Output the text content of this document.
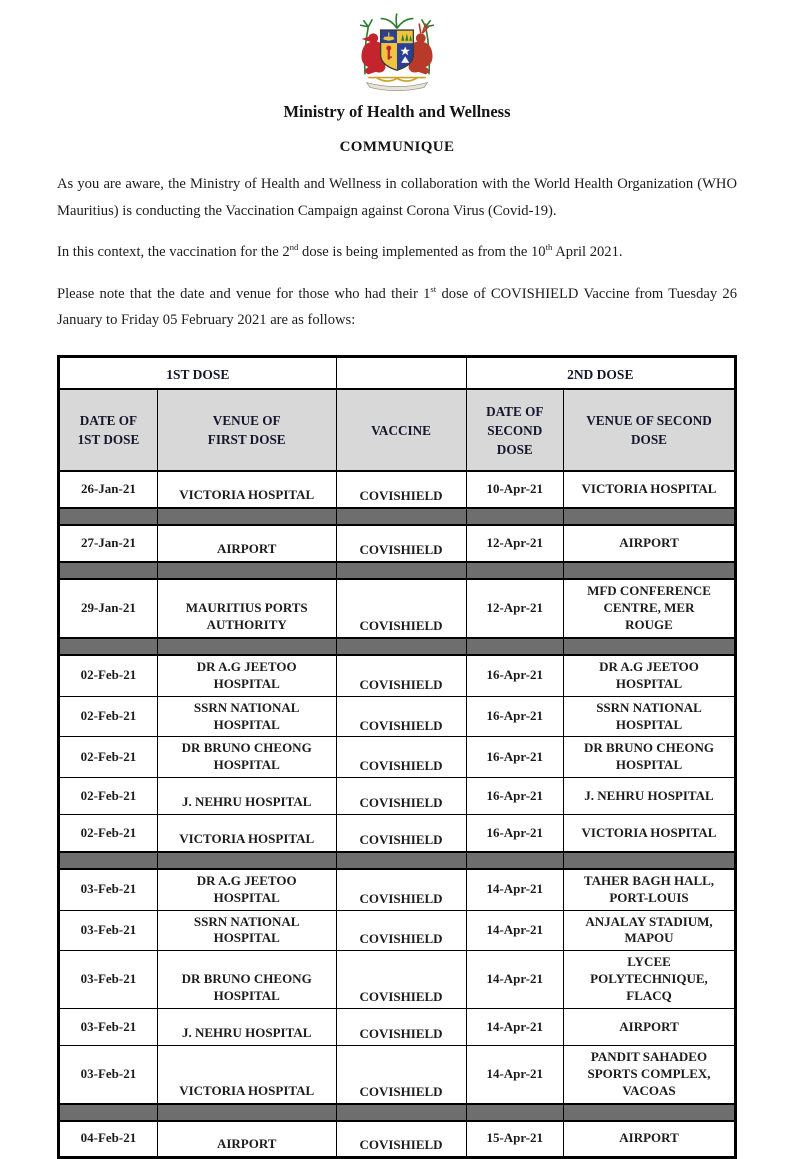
Ministry of Health and Wellness
COMMUNIQUE

As you are aware, the Ministry of Health and Wellness in collaboration with the World Health Organization (WHO Mauritius) is conducting the Vaccination Campaign against Corona Virus (Covid-19).

In this context, the vaccination for the 2nd dose is being implemented as from the 10th April 2021.

Please note that the date and venue for those who had their 1st dose of COVISHIELD Vaccine from Tuesday 26 January to Friday 05 February 2021 are as follows:

1ST DOSE			2ND DOSE	
DATE OF 1ST DOSE	VENUE OF FIRST DOSE	VACCINE	DATE OF SECOND DOSE	VENUE OF SECOND DOSE
26-Jan-21	VICTORIA HOSPITAL	COVISHIELD	10-Apr-21	VICTORIA HOSPITAL

27-Jan-21	AIRPORT	COVISHIELD	12-Apr-21	AIRPORT

29-Jan-21	MAURITIUS PORTS AUTHORITY	COVISHIELD	12-Apr-21	MFD CONFERENCE CENTRE, MER ROUGE

02-Feb-21	DR A.G JEETOO HOSPITAL	COVISHIELD	16-Apr-21	DR A.G JEETOO HOSPITAL
02-Feb-21	SSRN NATIONAL HOSPITAL	COVISHIELD	16-Apr-21	SSRN NATIONAL HOSPITAL
02-Feb-21	DR BRUNO CHEONG HOSPITAL	COVISHIELD	16-Apr-21	DR BRUNO CHEONG HOSPITAL
02-Feb-21	J. NEHRU HOSPITAL	COVISHIELD	16-Apr-21	J. NEHRU HOSPITAL
02-Feb-21	VICTORIA HOSPITAL	COVISHIELD	16-Apr-21	VICTORIA HOSPITAL

03-Feb-21	DR A.G JEETOO HOSPITAL	COVISHIELD	14-Apr-21	TAHER BAGH HALL, PORT-LOUIS
03-Feb-21	SSRN NATIONAL HOSPITAL	COVISHIELD	14-Apr-21	ANJALAY STADIUM, MAPOU
03-Feb-21	DR BRUNO CHEONG HOSPITAL	COVISHIELD	14-Apr-21	LYCEE POLYTECHNIQUE, FLACQ
03-Feb-21	J. NEHRU HOSPITAL	COVISHIELD	14-Apr-21	AIRPORT
03-Feb-21	VICTORIA HOSPITAL	COVISHIELD	14-Apr-21	PANDIT SAHADEO SPORTS COMPLEX, VACOAS

04-Feb-21	AIRPORT	COVISHIELD	15-Apr-21	AIRPORT
